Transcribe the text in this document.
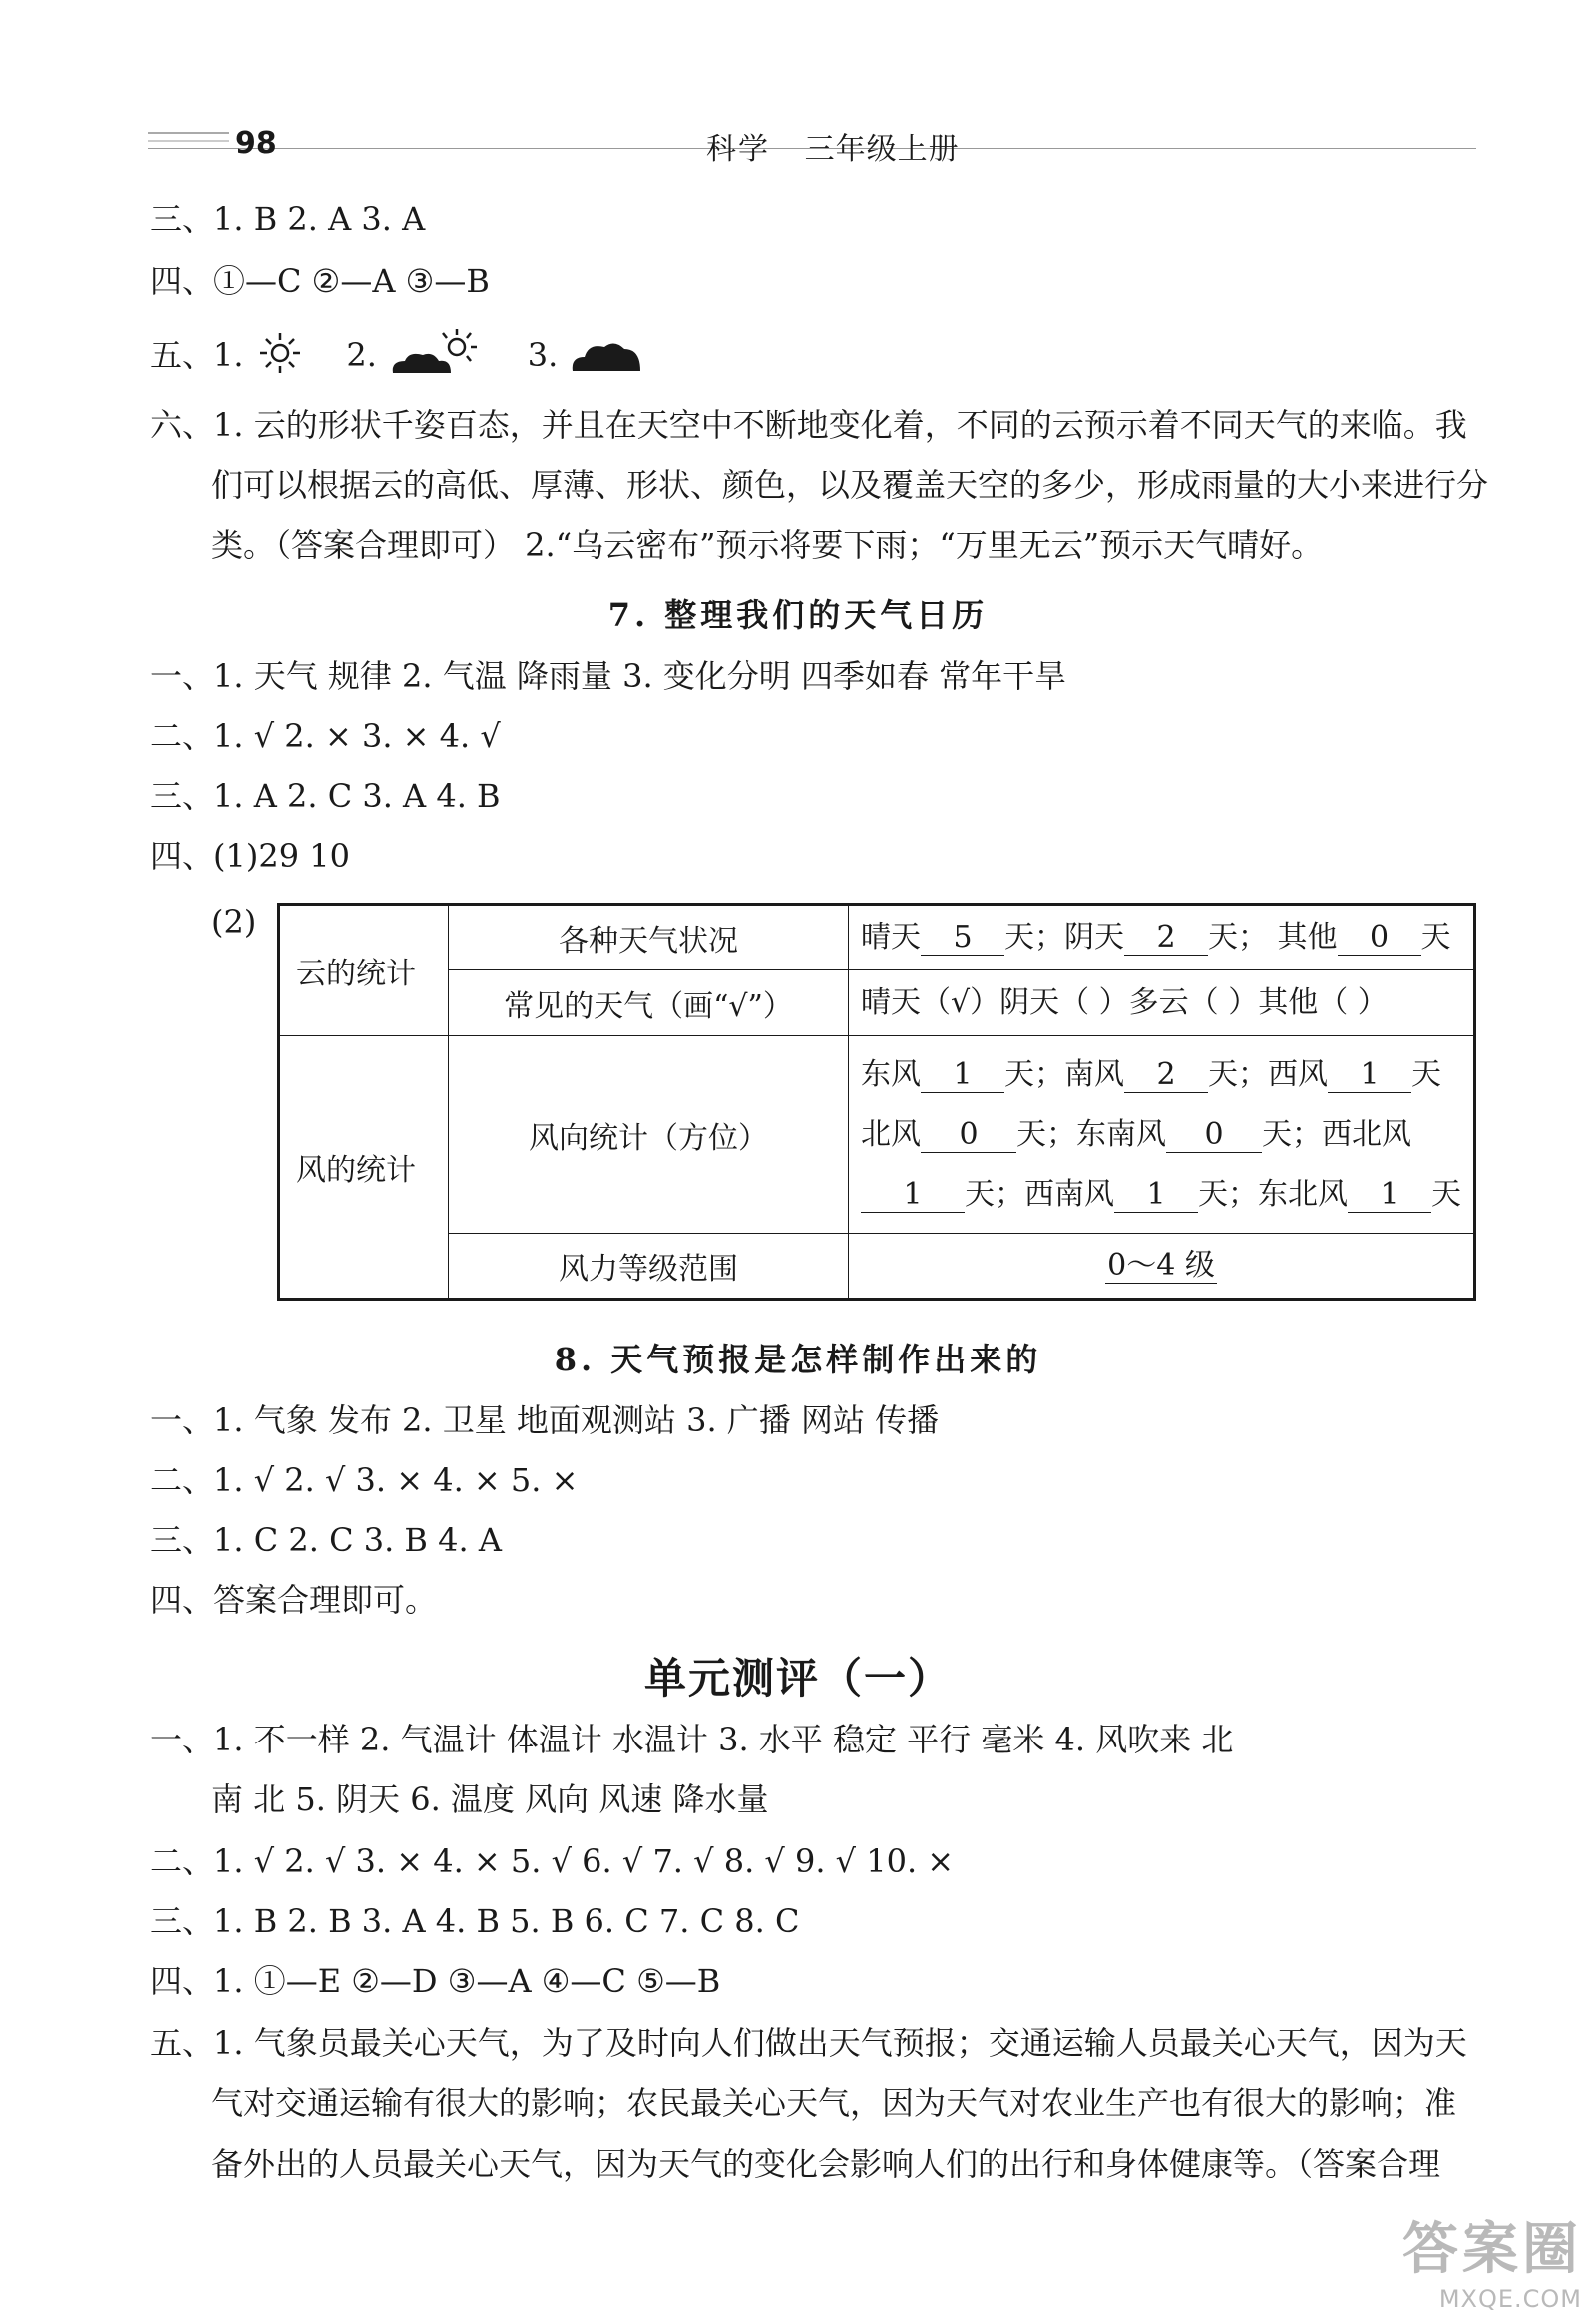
98	科学 三年级上册
三、1. B 2. A 3. A
四、①—C ②—A ③—B
五、1.	2.	3.
六、1. 云的形状千姿百态，并且在天空中不断地变化着，不同的云预示着不同天气的来临。我
们可以根据云的高低、厚薄、形状、颜色，以及覆盖天空的多少，形成雨量的大小来进行分
类。（答案合理即可） 2.“乌云密布”预示将要下雨；“万里无云”预示天气晴好。
7. 整理我们的天气日历
一、1. 天气 规律 2. 气温 降雨量 3. 变化分明 四季如春 常年干旱
二、1. √ 2. × 3. × 4. √
三、1. A 2. C 3. A 4. B
四、(1)29 10
(2)
云的统计	各种天气状况	晴天 5 天；阴天 2 天； 其他 0 天
	常见的天气（画“√”）	晴天（√）阴天（ ）多云（ ）其他（ ）
风的统计	风向统计（方位）	东风 1 天；南风 2 天；西风 1 天
北风 0 天；东南风 0 天；西北风
1 天；西南风 1 天；东北风 1 天
	风力等级范围	0～4 级
8. 天气预报是怎样制作出来的
一、1. 气象 发布 2. 卫星 地面观测站 3. 广播 网站 传播
二、1. √ 2. √ 3. × 4. × 5. ×
三、1. C 2. C 3. B 4. A
四、答案合理即可。
单元测评（一）
一、1. 不一样 2. 气温计 体温计 水温计 3. 水平 稳定 平行 毫米 4. 风吹来 北
南 北 5. 阴天 6. 温度 风向 风速 降水量
二、1. √ 2. √ 3. × 4. × 5. √ 6. √ 7. √ 8. √ 9. √ 10. ×
三、1. B 2. B 3. A 4. B 5. B 6. C 7. C 8. C
四、1. ①—E ②—D ③—A ④—C ⑤—B
五、1. 气象员最关心天气，为了及时向人们做出天气预报；交通运输人员最关心天气，因为天
气对交通运输有很大的影响；农民最关心天气，因为天气对农业生产也有很大的影响；准
备外出的人员最关心天气，因为天气的变化会影响人们的出行和身体健康等。（答案合理
答案圈
MXQE.COM
